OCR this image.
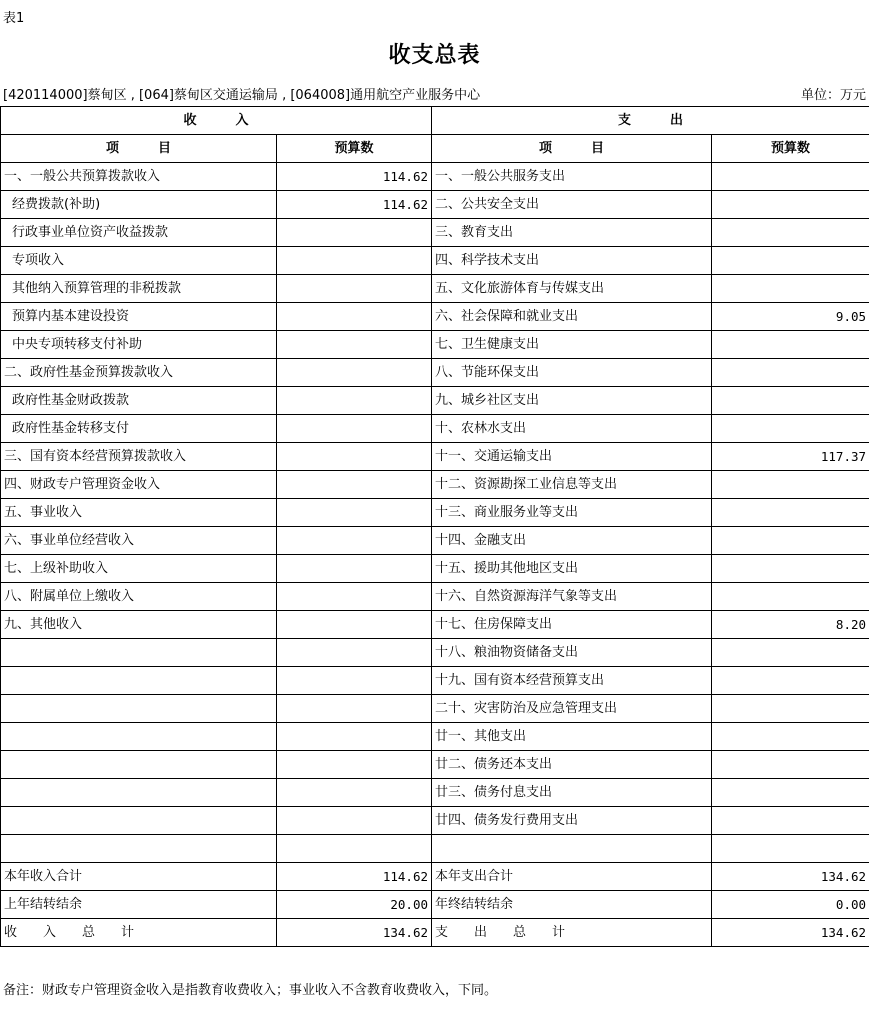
表1
收支总表
[420114000]蔡甸区 , [064]蔡甸区交通运输局 , [064008]通用航空产业服务中心	单位：万元
收　　　入		支　　　出	
项　　　目	预算数	项　　　目	预算数
一、一般公共预算拨款收入	114.62	一、一般公共服务支出	
经费拨款(补助)	114.62	二、公共安全支出	
行政事业单位资产收益拨款		三、教育支出	
专项收入		四、科学技术支出	
其他纳入预算管理的非税拨款		五、文化旅游体育与传媒支出	
预算内基本建设投资		六、社会保障和就业支出	9.05
中央专项转移支付补助		七、卫生健康支出	
二、政府性基金预算拨款收入		八、节能环保支出	
政府性基金财政拨款		九、城乡社区支出	
政府性基金转移支付		十、农林水支出	
三、国有资本经营预算拨款收入		十一、交通运输支出	117.37
四、财政专户管理资金收入		十二、资源勘探工业信息等支出	
五、事业收入		十三、商业服务业等支出	
六、事业单位经营收入		十四、金融支出	
七、上级补助收入		十五、援助其他地区支出	
八、附属单位上缴收入		十六、自然资源海洋气象等支出	
九、其他收入		十七、住房保障支出	8.20
		十八、粮油物资储备支出	
		十九、国有资本经营预算支出	
		二十、灾害防治及应急管理支出	
		廿一、其他支出	
		廿二、债务还本支出	
		廿三、债务付息支出	
		廿四、债务发行费用支出	

本年收入合计	114.62	本年支出合计	134.62
上年结转结余	20.00	年终结转结余	0.00
收　　入　　总　　计	134.62	支　　出　　总　　计	134.62
备注：财政专户管理资金收入是指教育收费收入；事业收入不含教育收费收入，下同。
